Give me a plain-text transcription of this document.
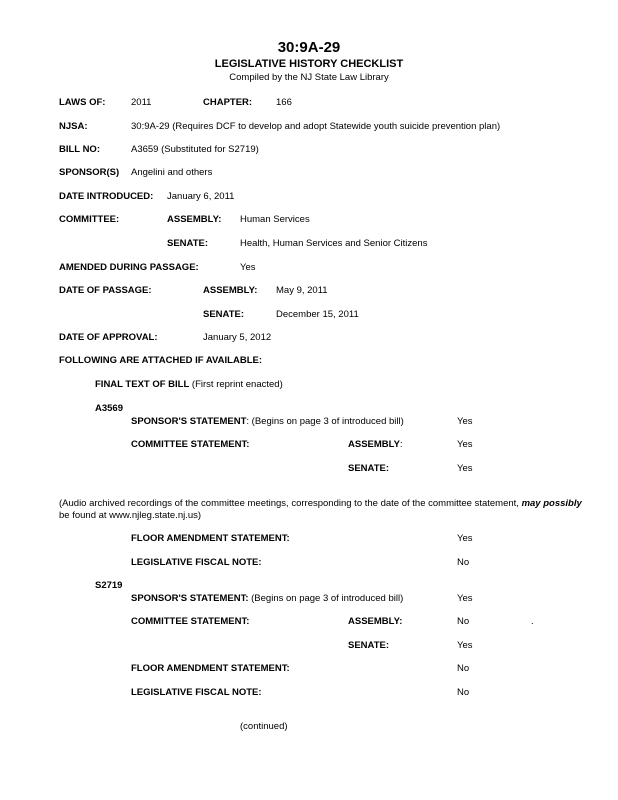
30:9A-29
LEGISLATIVE HISTORY CHECKLIST
Compiled by the NJ State Law Library
LAWS OF:	2011	CHAPTER:	166
NJSA:	30:9A-29 (Requires DCF to develop and adopt Statewide youth suicide prevention plan)
BILL NO:	A3659 (Substituted for S2719)
SPONSOR(S) Angelini and others
DATE INTRODUCED: January 6, 2011
COMMITTEE:	ASSEMBLY: Human Services
SENATE:	Health, Human Services and Senior Citizens
AMENDED DURING PASSAGE:	Yes
DATE OF PASSAGE:	ASSEMBLY: May 9, 2011
SENATE:	December 15, 2011
DATE OF APPROVAL:	January 5, 2012
FOLLOWING ARE ATTACHED IF AVAILABLE:
FINAL TEXT OF BILL (First reprint enacted)
A3569
SPONSOR'S STATEMENT: (Begins on page 3 of introduced bill)	Yes
COMMITTEE STATEMENT:	ASSEMBLY:	Yes
SENATE:	Yes
(Audio archived recordings of the committee meetings, corresponding to the date of the committee statement, may possibly
be found at www.njleg.state.nj.us)
FLOOR AMENDMENT STATEMENT:	Yes
LEGISLATIVE FISCAL NOTE:	No
S2719
SPONSOR'S STATEMENT: (Begins on page 3 of introduced bill)	Yes
COMMITTEE STATEMENT:	ASSEMBLY:	No	.
SENATE:	Yes
FLOOR AMENDMENT STATEMENT:	No
LEGISLATIVE FISCAL NOTE:	No
(continued)
